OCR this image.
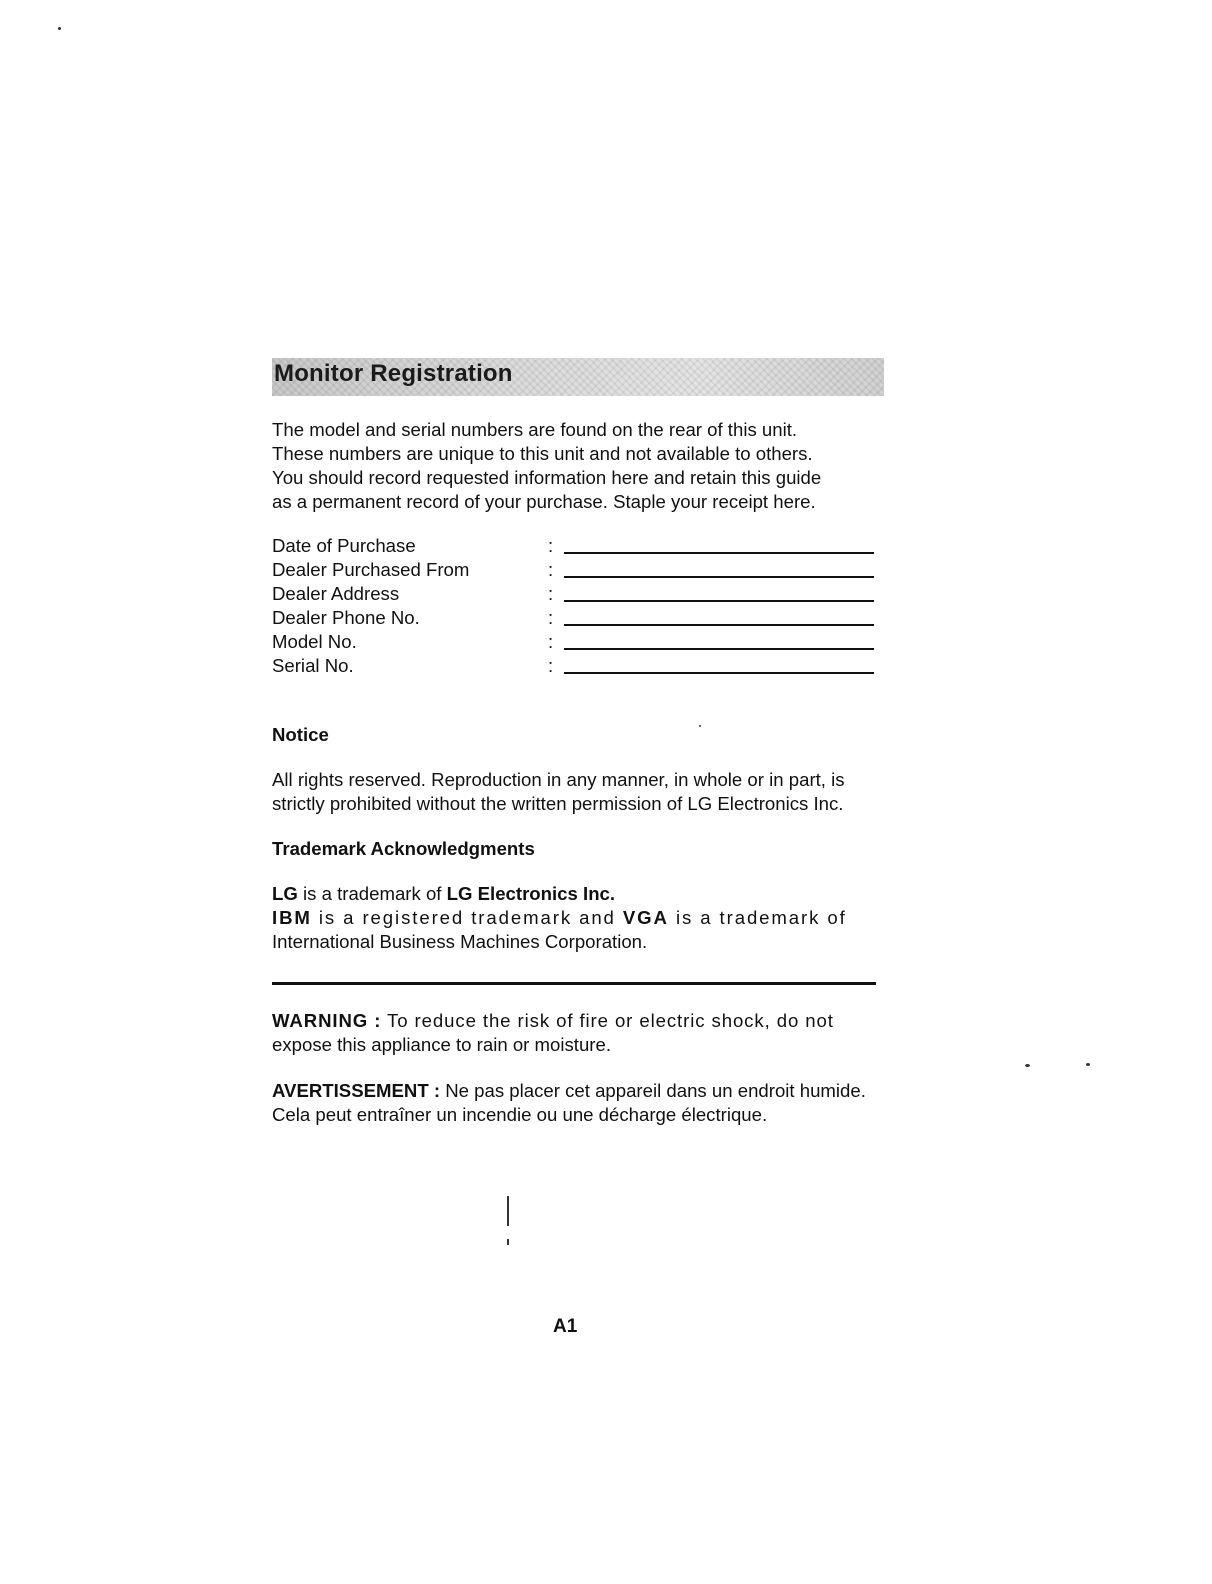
Monitor Registration

The model and serial numbers are found on the rear of this unit.

These numbers are unique to this unit and not available to others.

You should record requested information here and retain this guide

as a permanent record of your purchase. Staple your receipt here.

Date of Purchase	:
Dealer Purchased From	:
Dealer Address	:
Dealer Phone No.	:
Model No.	:
Serial No.	:
Notice
All rights reserved. Reproduction in any manner, in whole or in part, is strictly prohibited without the written permission of LG Electronics Inc.
Trademark Acknowledgments

LG is a trademark of LG Electronics Inc.

IBM is a registered trademark and VGA is a trademark of

International Business Machines Corporation.

WARNING : To reduce the risk of fire or electric shock, do not

expose this appliance to rain or moisture.

AVERTISSEMENT : Ne pas placer cet appareil dans un endroit humide.

Cela peut entraîner un incendie ou une décharge électrique.

A1
